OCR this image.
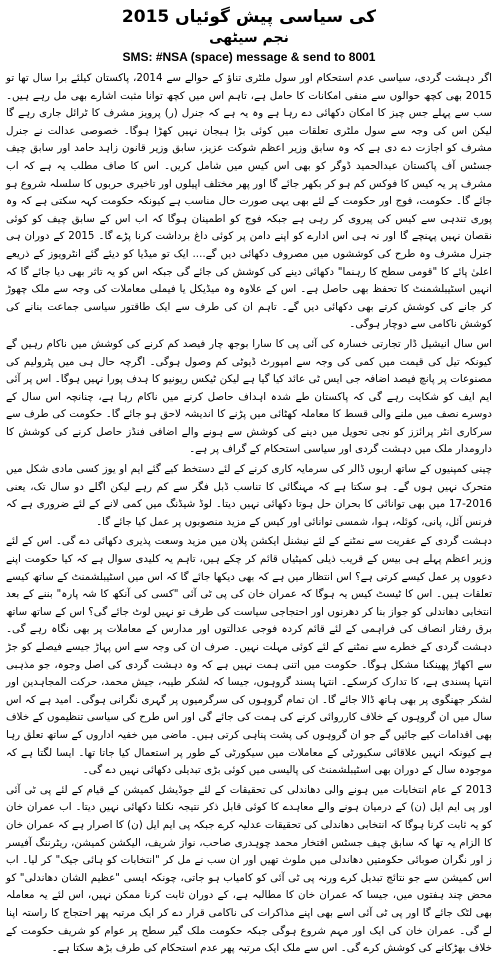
2015 کی سیاسی پیش گوئیاں
نجم سیٹھی
SMS: #NSA (space) message & send to 8001

اگر دہشت گردی، سیاسی عدم استحکام اور سول ملٹری تناؤ کے حوالے سے 2014، پاکستان کیلئے برا سال تھا تو 2015 بھی کچھ حوالوں سے منفی امکانات کا حامل ہے، تاہم اس میں کچھ توانا مثبت اشارے بھی مل رہے ہیں۔ سب سے پہلے جس چیز کا امکان دکھائی دے رہا ہے وہ یہ ہے کہ جنرل (ر) پرویز مشرف کا ٹرائل جاری رہے گا لیکن اس کی وجہ سے سول ملٹری تعلقات میں کوئی بڑا ہیجان نہیں کھڑا ہوگا۔ خصوصی عدالت نے جنرل مشرف کو اجازت دے دی ہے کہ وہ سابق وزیر اعظم شوکت عزیز، سابق وزیر قانون زاہد حامد اور سابق چیف جسٹس آف پاکستان عبدالحمید ڈوگر کو بھی اس کیس میں شامل کریں۔ اس کا صاف مطلب یہ ہے کہ اب مشرف پر یہ کیس کا فوکس کم ہو کر بکھر جائے گا اور پھر مختلف اپیلوں اور تاخیری حربوں کا سلسلہ شروع ہو جائے گا۔ حکومت، فوج اور حکومت کے لئے بھی یہی صورت حال مناسب ہے کیونکہ حکومت کہہ سکتی ہے کہ وہ پوری تندہی سے کیس کی پیروی کر رہی ہے جبکہ فوج کو اطمینان ہوگا کہ اب اس کے سابق چیف کو کوئی نقصان نہیں پہنچے گا اور نہ ہی اس ادارے کو اپنے دامن پر کوئی داغ برداشت کرنا پڑے گا۔ 2015 کے دوران ہی جنرل مشرف وہ طرح کی کوششوں میں مصروف دکھائی دیں گے.... ایک تو میڈیا کو دیئے گئے انٹرویوز کے ذریعے اعلیٰ پائے کا "قومی سطح کا رہنما" دکھائی دینے کی کوشش کی جائے گی جبکہ اس کو یہ تاثر بھی دیا جائے گا کہ انہیں اسٹیبلشمنٹ کا تحفظ بھی حاصل ہے۔ اس کے علاوہ وہ میڈیکل یا فیملی معاملات کی وجہ سے ملک چھوڑ کر جانے کی کوشش کرتے بھی دکھائی دیں گے۔ تاہم ان کی طرف سے ایک طاقتور سیاسی جماعت بنانے کی کوشش ناکامی سے دوچار ہوگی۔

اس سال انیشیل ڈار تجارتی خسارہ کی آئی پی کا سارا بوجھ چار فیصد کم کرنے کی کوشش میں ناکام رہیں گے کیونکہ تیل کی قیمت میں کمی کی وجہ سے امپورٹ ڈیوٹی کم وصول ہوگی۔ اگرچہ حال ہی میں پٹرولیم کی مصنوعات پر پانچ فیصد اضافہ جی ایس ٹی عائد کیا گیا ہے لیکن ٹیکس ریونیو کا ہدف پورا نہیں ہوگا۔ اس پر آئی ایم ایف کو شکایت رہے گی کہ پاکستان طے شدہ اہداف حاصل کرنے میں ناکام رہا ہے، چنانچہ اس سال کے دوسرے نصف میں ملنے والی قسط کا معاملہ کھٹائی میں پڑنے کا اندیشہ لاحق ہو جائے گا۔ حکومت کی طرف سے سرکاری انٹر پرائزز کو نجی تحویل میں دینے کی کوشش سے ہونے والے اضافی فنڈز حاصل کرنے کی کوشش کا دارومدار ملک میں دہشت گردی اور سیاسی استحکام کے گراف پر ہے۔

چینی کمپنیوں کے ساتھ اربوں ڈالر کی سرمایہ کاری کرنے کے لئے دستخط کیے گئے ایم او یوز کسی مادی شکل میں متحرک نہیں ہوں گے۔ ہو سکتا ہے کہ مہنگائی کا تناسب ڈبل فگر سے کم رہے لیکن اگلے دو سال تک، یعنی 2016-17 میں بھی توانائی کا بحران حل ہوتا دکھائی نہیں دیتا۔ لوڈ شیڈنگ میں کمی لانے کے لئے ضروری ہے کہ فرنس آئل، پانی، کوئلہ، ہوا، شمسی توانائی اور کیس کے مزید منصوبوں پر عمل کیا جائے گا۔

دہشت گردی کے عفریت سے نمٹنے کے لئے نیشنل ایکشن پلان میں مزید وسعت پذیری دکھائی دے گی۔ اس کے لئے وزیر اعظم پہلے ہی بیس کے قریب ذیلی کمیٹیاں قائم کر چکے ہیں، تاہم یہ کلیدی سوال ہے کہ کیا حکومت اپنے دعووں پر عمل کیسے کرتی ہے؟ اس انتظار میں ہے کہ بھی دیکھا جائے گا کہ اس میں اسٹیبلشمنٹ کے ساتھ کیسے تعلقات ہیں۔ اس کا ٹیسٹ کیس یہ ہوگا کہ عمران خان کی پی ٹی آئی "کسی کی آنکھ کا شہ پارہ" بننے کے بعد انتخابی دھاندلی کو جواز بنا کر دھرنوں اور احتجاجی سیاست کی طرف تو نہیں لوٹ جائے گی؟ اس کے ساتھ ساتھ برق رفتار انصاف کی فراہمی کے لئے قائم کردہ فوجی عدالتوں اور مدارس کے معاملات پر بھی نگاہ رہے گی۔ دہشت گردی کے خطرے سے نمٹنے کے لئے کوئی مہلت نہیں۔ صرف ان کی وجہ سے اس پہاڑ جیسے فیصلے کو جڑ سے اکھاڑ پھینکنا مشکل ہوگا۔ حکومت میں اتنی ہمت نہیں ہے کہ وہ دہشت گردی کی اصل وجوہ، جو مذہبی انتہا پسندی ہے، کا تدارک کرسکے۔ انتہا پسند گروہوں، جیسا کہ لشکر طیبہ، جیش محمد، حرکت المجاہدین اور لشکر جھنگوی پر بھی ہاتھ ڈالا جائے گا۔ ان تمام گروہوں کی سرگرمیوں پر گہری نگرانی ہوگی۔ امید ہے کہ اس سال میں ان گروہوں کے خلاف کارروائی کرنے کی ہمت کی جائے گی اور اس طرح کی سیاسی تنظیموں کے خلاف بھی اقدامات کیے جائیں گے جو ان گروہوں کی پشت پناہی کرتی ہیں۔ ماضی میں خفیہ اداروں کے ساتھ تعلق رہا ہے کیونکہ انہیں علاقائی سکیورٹی کے معاملات میں سیکورٹی کے طور پر استعمال کیا جاتا تھا۔ ایسا لگتا ہے کہ موجودہ سال کے دوران بھی اسٹیبلشمنٹ کی پالیسی میں کوئی بڑی تبدیلی دکھائی نہیں دے گی۔

2013 کے عام انتخابات میں ہونے والی دھاندلی کی تحقیقات کے لئے جوڈیشل کمیشن کے قیام کے لئے پی ٹی آئی اور پی ایم ایل (ن) کے درمیان ہونے والے معاہدے کا کوئی قابل ذکر نتیجہ نکلتا دکھائی نہیں دیتا۔ اب عمران خان کو یہ ثابت کرنا ہوگا کہ انتخابی دھاندلی کی تحقیقات عدلیہ کرے جبکہ پی ایم ایل (ن) کا اصرار ہے کہ عمران خان کا الزام یہ تھا کہ سابق چیف جسٹس افتخار محمد چوہدری صاحب، نواز شریف، الیکشن کمیشن، ریٹرننگ آفیسر ز اور نگران صوبائی حکومتیں دھاندلی میں ملوث تھیں اور ان سب نے مل کر "انتخابات کو ہائی جیک" کر لیا۔ اب اس کمیشن سے جو نتائج تبدیل کرے ورنہ پی ٹی آئی کو کامیاب ہو جاتی، چونکہ ایسی "عظیم الشان دھاندلی" کو محض چند ہفتوں میں، جیسا کہ عمران خان کا مطالبہ ہے، کے دوران ثابت کرنا ممکن نہیں، اس لئے یہ معاملہ بھی لٹک جائے گا اور پی ٹی آئی اسے بھی اپنے مذاکرات کی ناکامی قرار دے کر ایک مرتبہ پھر احتجاج کا راستہ اپنا لے گی۔ عمران خان کی ایک اور مہم شروع ہوگی جبکہ حکومت ملک گیر سطح پر عوام کو شریف حکومت کے خلاف بھڑکانے کی کوشش کرے گی۔ اس سے ملک ایک مرتبہ پھر عدم استحکام کی طرف بڑھ سکتا ہے۔
